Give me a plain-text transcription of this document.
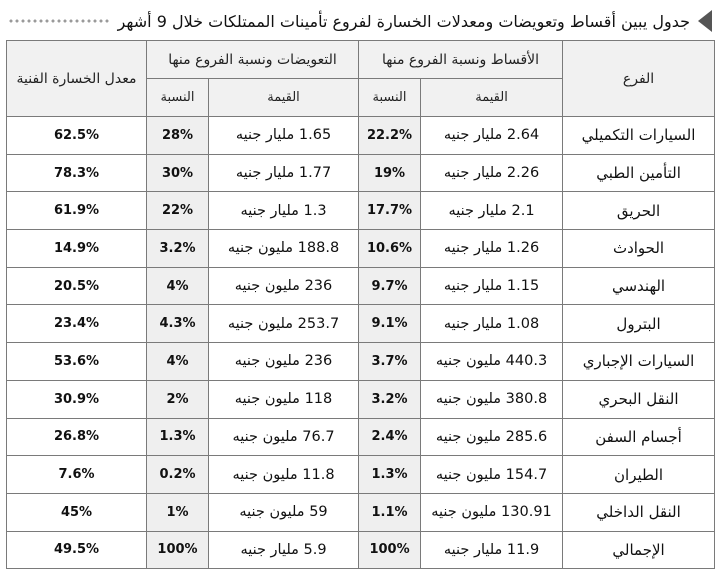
جدول يبين أقساط وتعويضات ومعدلات الخسارة لفروع تأمينات الممتلكات خلال 9 أشهر
الفرع	الأقساط ونسبة الفروع منها		التعويضات ونسبة الفروع منها		معدل الخسارة الفنية
	القيمة	النسبة	القيمة	النسبة	
السيارات التكميلي	2.64 مليار جنيه	22.2%	1.65 مليار جنيه	28%	62.5%
التأمين الطبي	2.26 مليار جنيه	19%	1.77 مليار جنيه	30%	78.3%
الحريق	2.1 مليار جنيه	17.7%	1.3 مليار جنيه	22%	61.9%
الحوادث	1.26 مليار جنيه	10.6%	188.8 مليون جنيه	3.2%	14.9%
الهندسي	1.15 مليار جنيه	9.7%	236 مليون جنيه	4%	20.5%
البترول	1.08 مليار جنيه	9.1%	253.7 مليون جنيه	4.3%	23.4%
السيارات الإجباري	440.3 مليون جنيه	3.7%	236 مليون جنيه	4%	53.6%
النقل البحري	380.8 مليون جنيه	3.2%	118 مليون جنيه	2%	30.9%
أجسام السفن	285.6 مليون جنيه	2.4%	76.7 مليون جنيه	1.3%	26.8%
الطيران	154.7 مليون جنيه	1.3%	11.8 مليون جنيه	0.2%	7.6%
النقل الداخلي	130.91 مليون جنيه	1.1%	59 مليون جنيه	1%	45%
الإجمالي	11.9 مليار جنيه	100%	5.9 مليار جنيه	100%	49.5%
